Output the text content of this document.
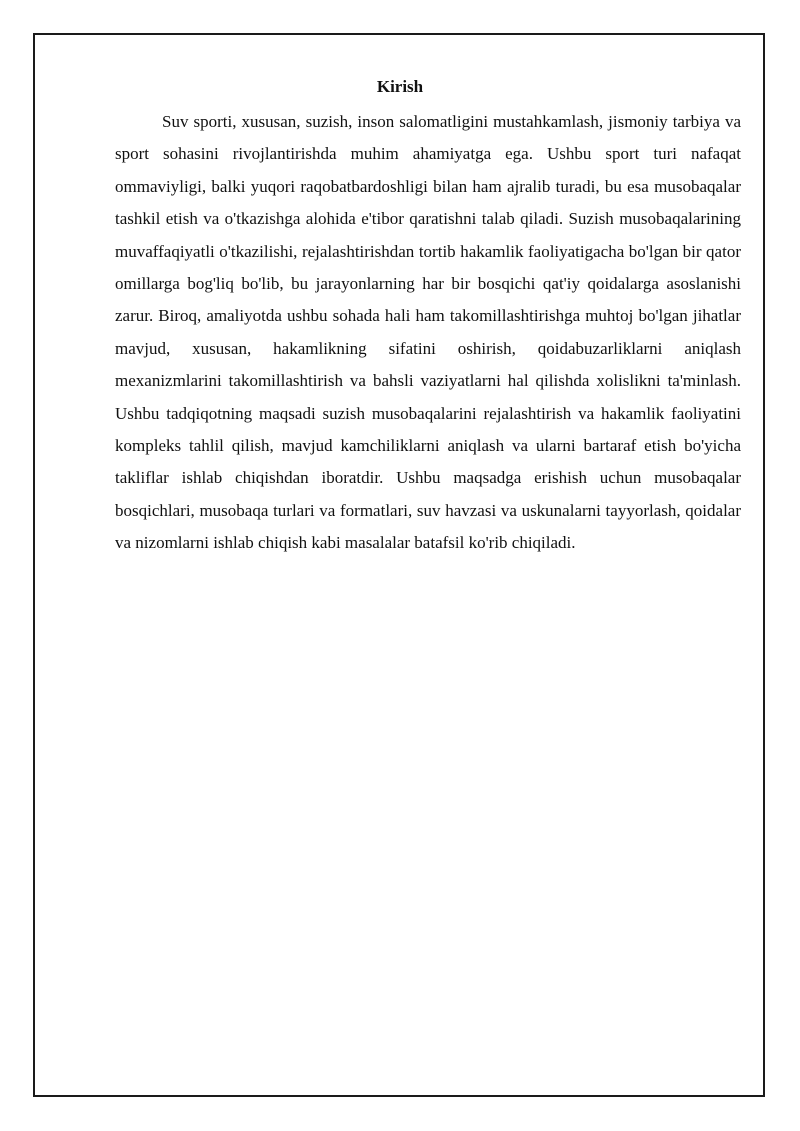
Kirish

Suv sporti, xususan, suzish, inson salomatligini mustahkamlash, jismoniy tarbiya va sport sohasini rivojlantirishda muhim ahamiyatga ega. Ushbu sport turi nafaqat ommaviyligi, balki yuqori raqobatbardoshligi bilan ham ajralib turadi, bu esa musobaqalar tashkil etish va o'tkazishga alohida e'tibor qaratishni talab qiladi. Suzish musobaqalarining muvaffaqiyatli o'tkazilishi, rejalashtirishdan tortib hakamlik faoliyatigacha bo'lgan bir qator omillarga bog'liq bo'lib, bu jarayonlarning har bir bosqichi qat'iy qoidalarga asoslanishi zarur. Biroq, amaliyotda ushbu sohada hali ham takomillashtirishga muhtoj bo'lgan jihatlar mavjud, xususan, hakamlikning sifatini oshirish, qoidabuzarliklarni aniqlash mexanizmlarini takomillashtirish va bahsli vaziyatlarni hal qilishda xolislikni ta'minlash. Ushbu tadqiqotning maqsadi suzish musobaqalarini rejalashtirish va hakamlik faoliyatini kompleks tahlil qilish, mavjud kamchiliklarni aniqlash va ularni bartaraf etish bo'yicha takliflar ishlab chiqishdan iboratdir. Ushbu maqsadga erishish uchun musobaqalar bosqichlari, musobaqa turlari va formatlari, suv havzasi va uskunalarni tayyorlash, qoidalar va nizomlarni ishlab chiqish kabi masalalar batafsil ko'rib chiqiladi.
